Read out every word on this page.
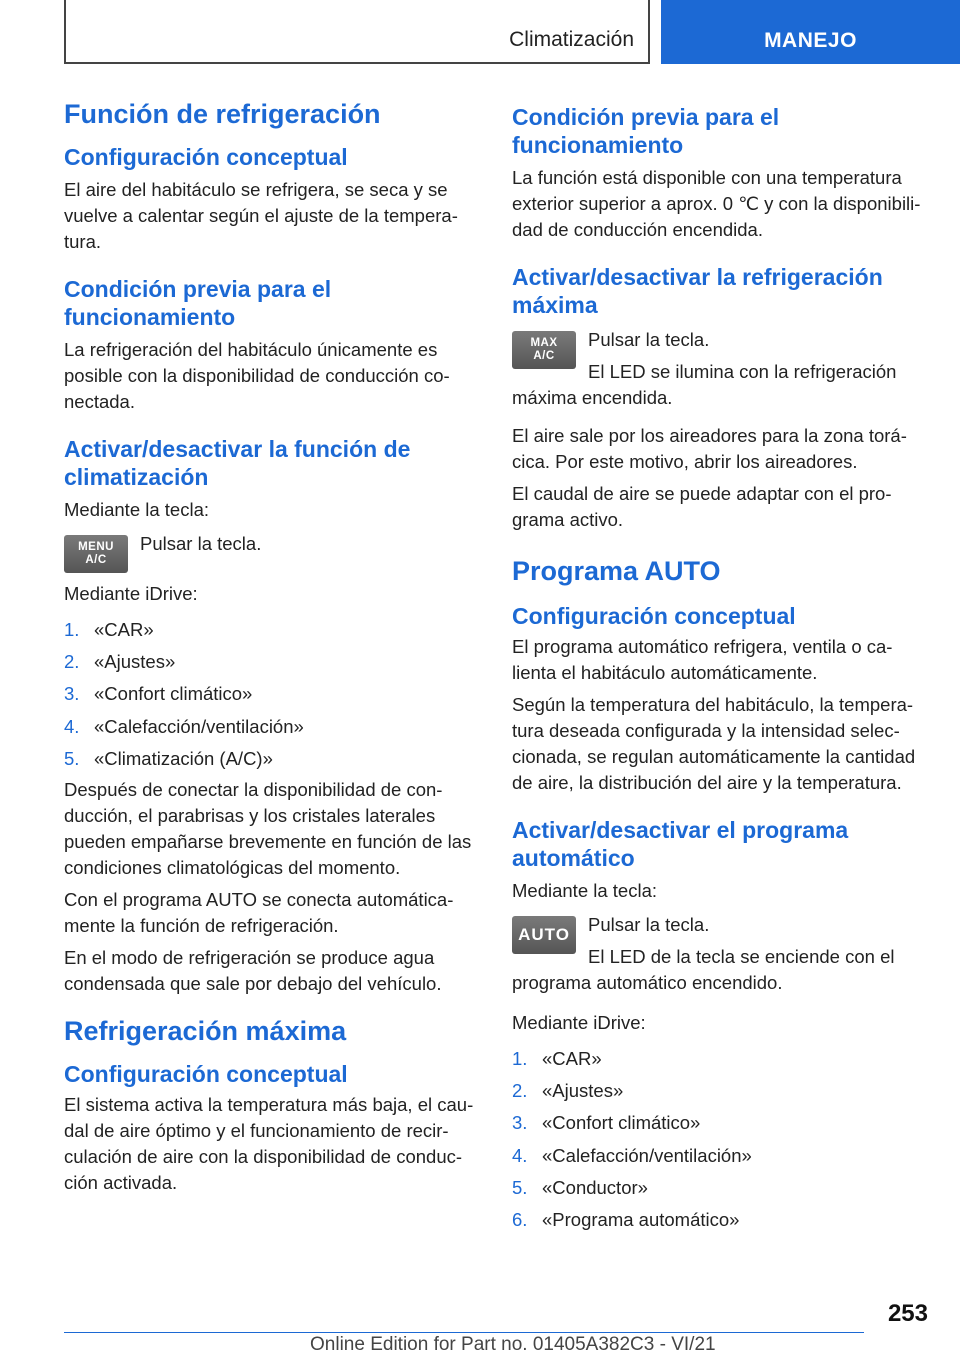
Climatización	MANEJO
Función de refrigeración
Configuración conceptual

El aire del habitáculo se refrigera, se seca y se vuelve a calentar según el ajuste de la tempera- tura.

Condición previa para el funcionamiento

La refrigeración del habitáculo únicamente es posible con la disponibilidad de conducción co- nectada.

Activar/desactivar la función de climatización

Mediante la tecla:

MENU
A/C

Pulsar la tecla.

Mediante iDrive:

1. «CAR»
2. «Ajustes»
3. «Confort climático»
4. «Calefacción/ventilación»
5. «Climatización (A/C)»

Después de conectar la disponibilidad de con- ducción, el parabrisas y los cristales laterales pueden empañarse brevemente en función de las condiciones climatológicas del momento.

Con el programa AUTO se conecta automática- mente la función de refrigeración.

En el modo de refrigeración se produce agua condensada que sale por debajo del vehículo.

Refrigeración máxima
Configuración conceptual

El sistema activa la temperatura más baja, el cau- dal de aire óptimo y el funcionamiento de recir- culación de aire con la disponibilidad de conduc- ción activada.

Condición previa para el funcionamiento

La función está disponible con una temperatura exterior superior a aprox. 0 ℃ y con la disponibili- dad de conducción encendida.

Activar/desactivar la refrigeración máxima
MAX
A/C

Pulsar la tecla.

El LED se ilumina con la refrigeración máxima encendida.

El aire sale por los aireadores para la zona torá- cica. Por este motivo, abrir los aireadores.

El caudal de aire se puede adaptar con el pro- grama activo.

Programa AUTO
Configuración conceptual

El programa automático refrigera, ventila o ca- lienta el habitáculo automáticamente.

Según la temperatura del habitáculo, la tempera- tura deseada configurada y la intensidad selec- cionada, se regulan automáticamente la cantidad de aire, la distribución del aire y la temperatura.

Activar/desactivar el programa automático

Mediante la tecla:

AUTO Pulsar la tecla.

El LED de la tecla se enciende con el programa automático encendido.

Mediante iDrive:

1. «CAR»
2. «Ajustes»
3. «Confort climático»
4. «Calefacción/ventilación»
5. «Conductor»
6. «Programa automático»
253
Online Edition for Part no. 01405A382C3 - VI/21
